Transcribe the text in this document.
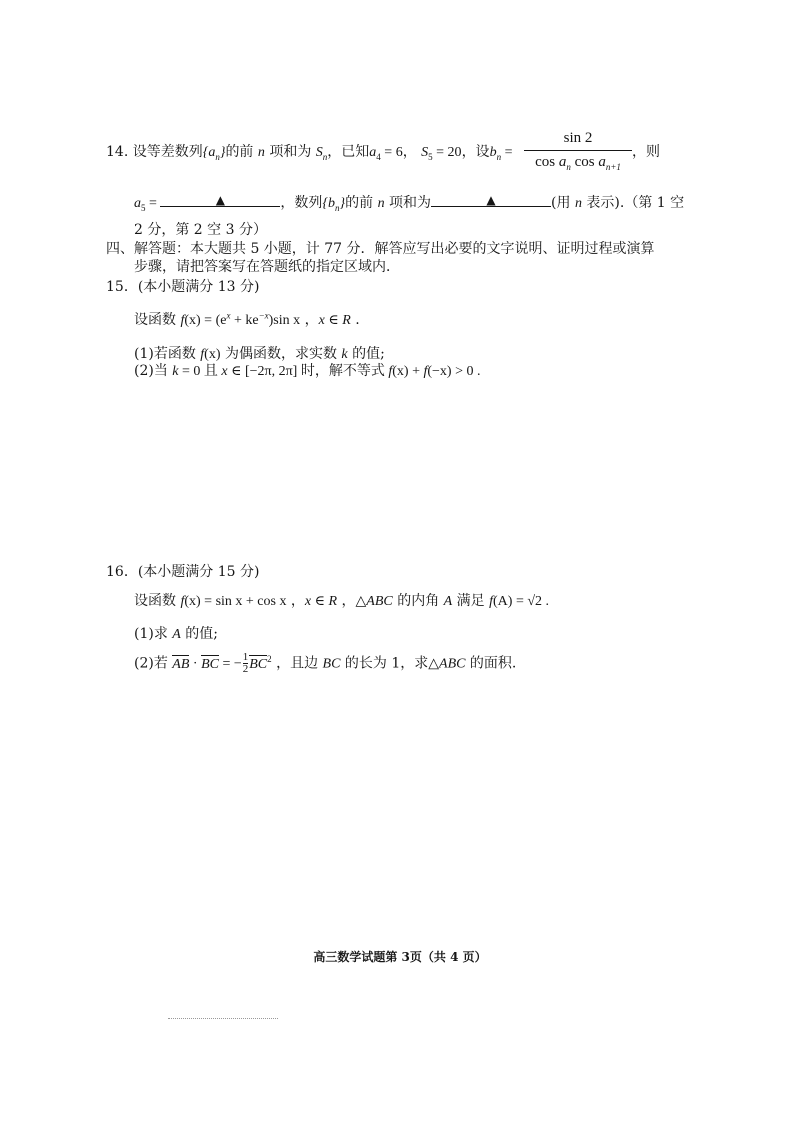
14. 设等差数列$\{a_n\}$的前 n 项和为 $S_n$，已知$a_4 = 6$， $S_5 = 20$，设$b_n$ =
sin 2
$\cos a_n$ $\cos a_{n+1}$
，则
$a_5$ =	▲	，数列$\{b_n\}$的前 n 项和为	▲	(用 n 表示).（第 1 空
2 分，第 2 空 3 分）
四、解答题：本大题共 5 小题，计 77 分．解答应写出必要的文字说明、证明过程或演算
步骤，请把答案写在答题纸的指定区域内．
15．(本小题满分 13 分)
设函数 $f(x) = (e^x + ke^{-x})\sin$ x ，x ∈ R .
(1)若函数 f(x) 为偶函数，求实数 k 的值;
(2)当 k = 0 且 x ∈ [−2π, 2π] 时，解不等式 f(x) + f(−x) > 0 .
16．(本小题满分 15 分)
设函数 f(x) = sin x + cos x ，x ∈ R ，△ABC 的内角 A 满足 f(A) = √2 .
(1)求 A 的值;
(2)若 AB · BC = − $\frac{1}{2} BC^2$ ，且边 BC 的长为 1，求△ABC 的面积.
高三数学试题第 3页（共 4 页）
